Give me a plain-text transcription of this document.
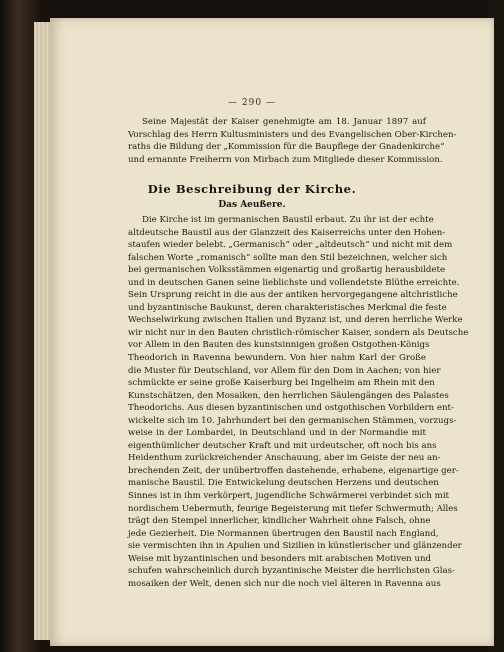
— 290 —
Seine Majestät der Kaiser genehmigte am 18. Januar 1897 auf
Vorschlag des Herrn Kultusministers und des Evangelischen Ober-Kirchen-
raths die Bildung der „Kommission für die Baupflege der Gnadenkirche“
und ernannte Freiherrn von Mirbach zum Mitgliede dieser Kommission.
Die Beschreibung der Kirche.
Das Aeußere.
Die Kirche ist im germanischen Baustil erbaut. Zu ihr ist der echte
altdeutsche Baustil aus der Glanzzeit des Kaiserreichs unter den Hohen-
staufen wieder belebt. „Germanisch“ oder „altdeutsch“ und nicht mit dem
falschen Worte „romanisch“ sollte man den Stil bezeichnen, welcher sich
bei germanischen Volksstämmen eigenartig und großartig herausbildete
und in deutschen Ganen seine lieblichste und vollendetste Blüthe erreichte.
Sein Ursprung reicht in die aus der antiken hervorgegangene altchristliche
und byzantinische Baukunst, deren charakteristisches Merkmal die feste
Wechselwirkung zwischen Italien und Byzanz ist, und deren herrliche Werke
wir nicht nur in den Bauten christlich-römischer Kaiser, sondern als Deutsche
vor Allem in den Bauten des kunstsinnigen großen Ostgothen-Königs
Theodorich in Ravenna bewundern. Von hier nahm Karl der Große
die Muster für Deutschland, vor Allem für den Dom in Aachen; von hier
schmückte er seine große Kaiserburg bei Ingelheim am Rhein mit den
Kunstschätzen, den Mosaiken, den herrlichen Säulengängen des Palastes
Theodorichs. Aus diesen byzantinischen und ostgothischen Vorbildern ent-
wickelte sich im 10. Jahrhundert bei den germanischen Stämmen, vorzugs-
weise in der Lombardei, in Deutschland und in der Normandie mit
eigenthümlicher deutscher Kraft und mit urdeutscher, oft noch bis ans
Heidenthum zurückreichender Anschauung, aber im Geiste der neu an-
brechenden Zeit, der unübertroffen dastehende, erhabene, eigenartige ger-
manische Baustil. Die Entwickelung deutschen Herzens und deutschen
Sinnes ist in ihm verkörpert, jugendliche Schwärmerei verbindet sich mit
nordischem Uebermuth, feurige Begeisterung mit tiefer Schwermuth; Alles
trägt den Stempel innerlicher, kindlicher Wahrheit ohne Falsch, ohne
jede Gezierheit. Die Normannen übertrugen den Baustil nach England,
sie vermischten ihn in Apulien und Sizilien in künstlerischer und glänzender
Weise mit byzantinischen und besonders mit arabischen Motiven und
schufen wahrscheinlich durch byzantinische Meister die herrlichsten Glas-
mosaiken der Welt, denen sich nur die noch viel älteren in Ravenna aus
